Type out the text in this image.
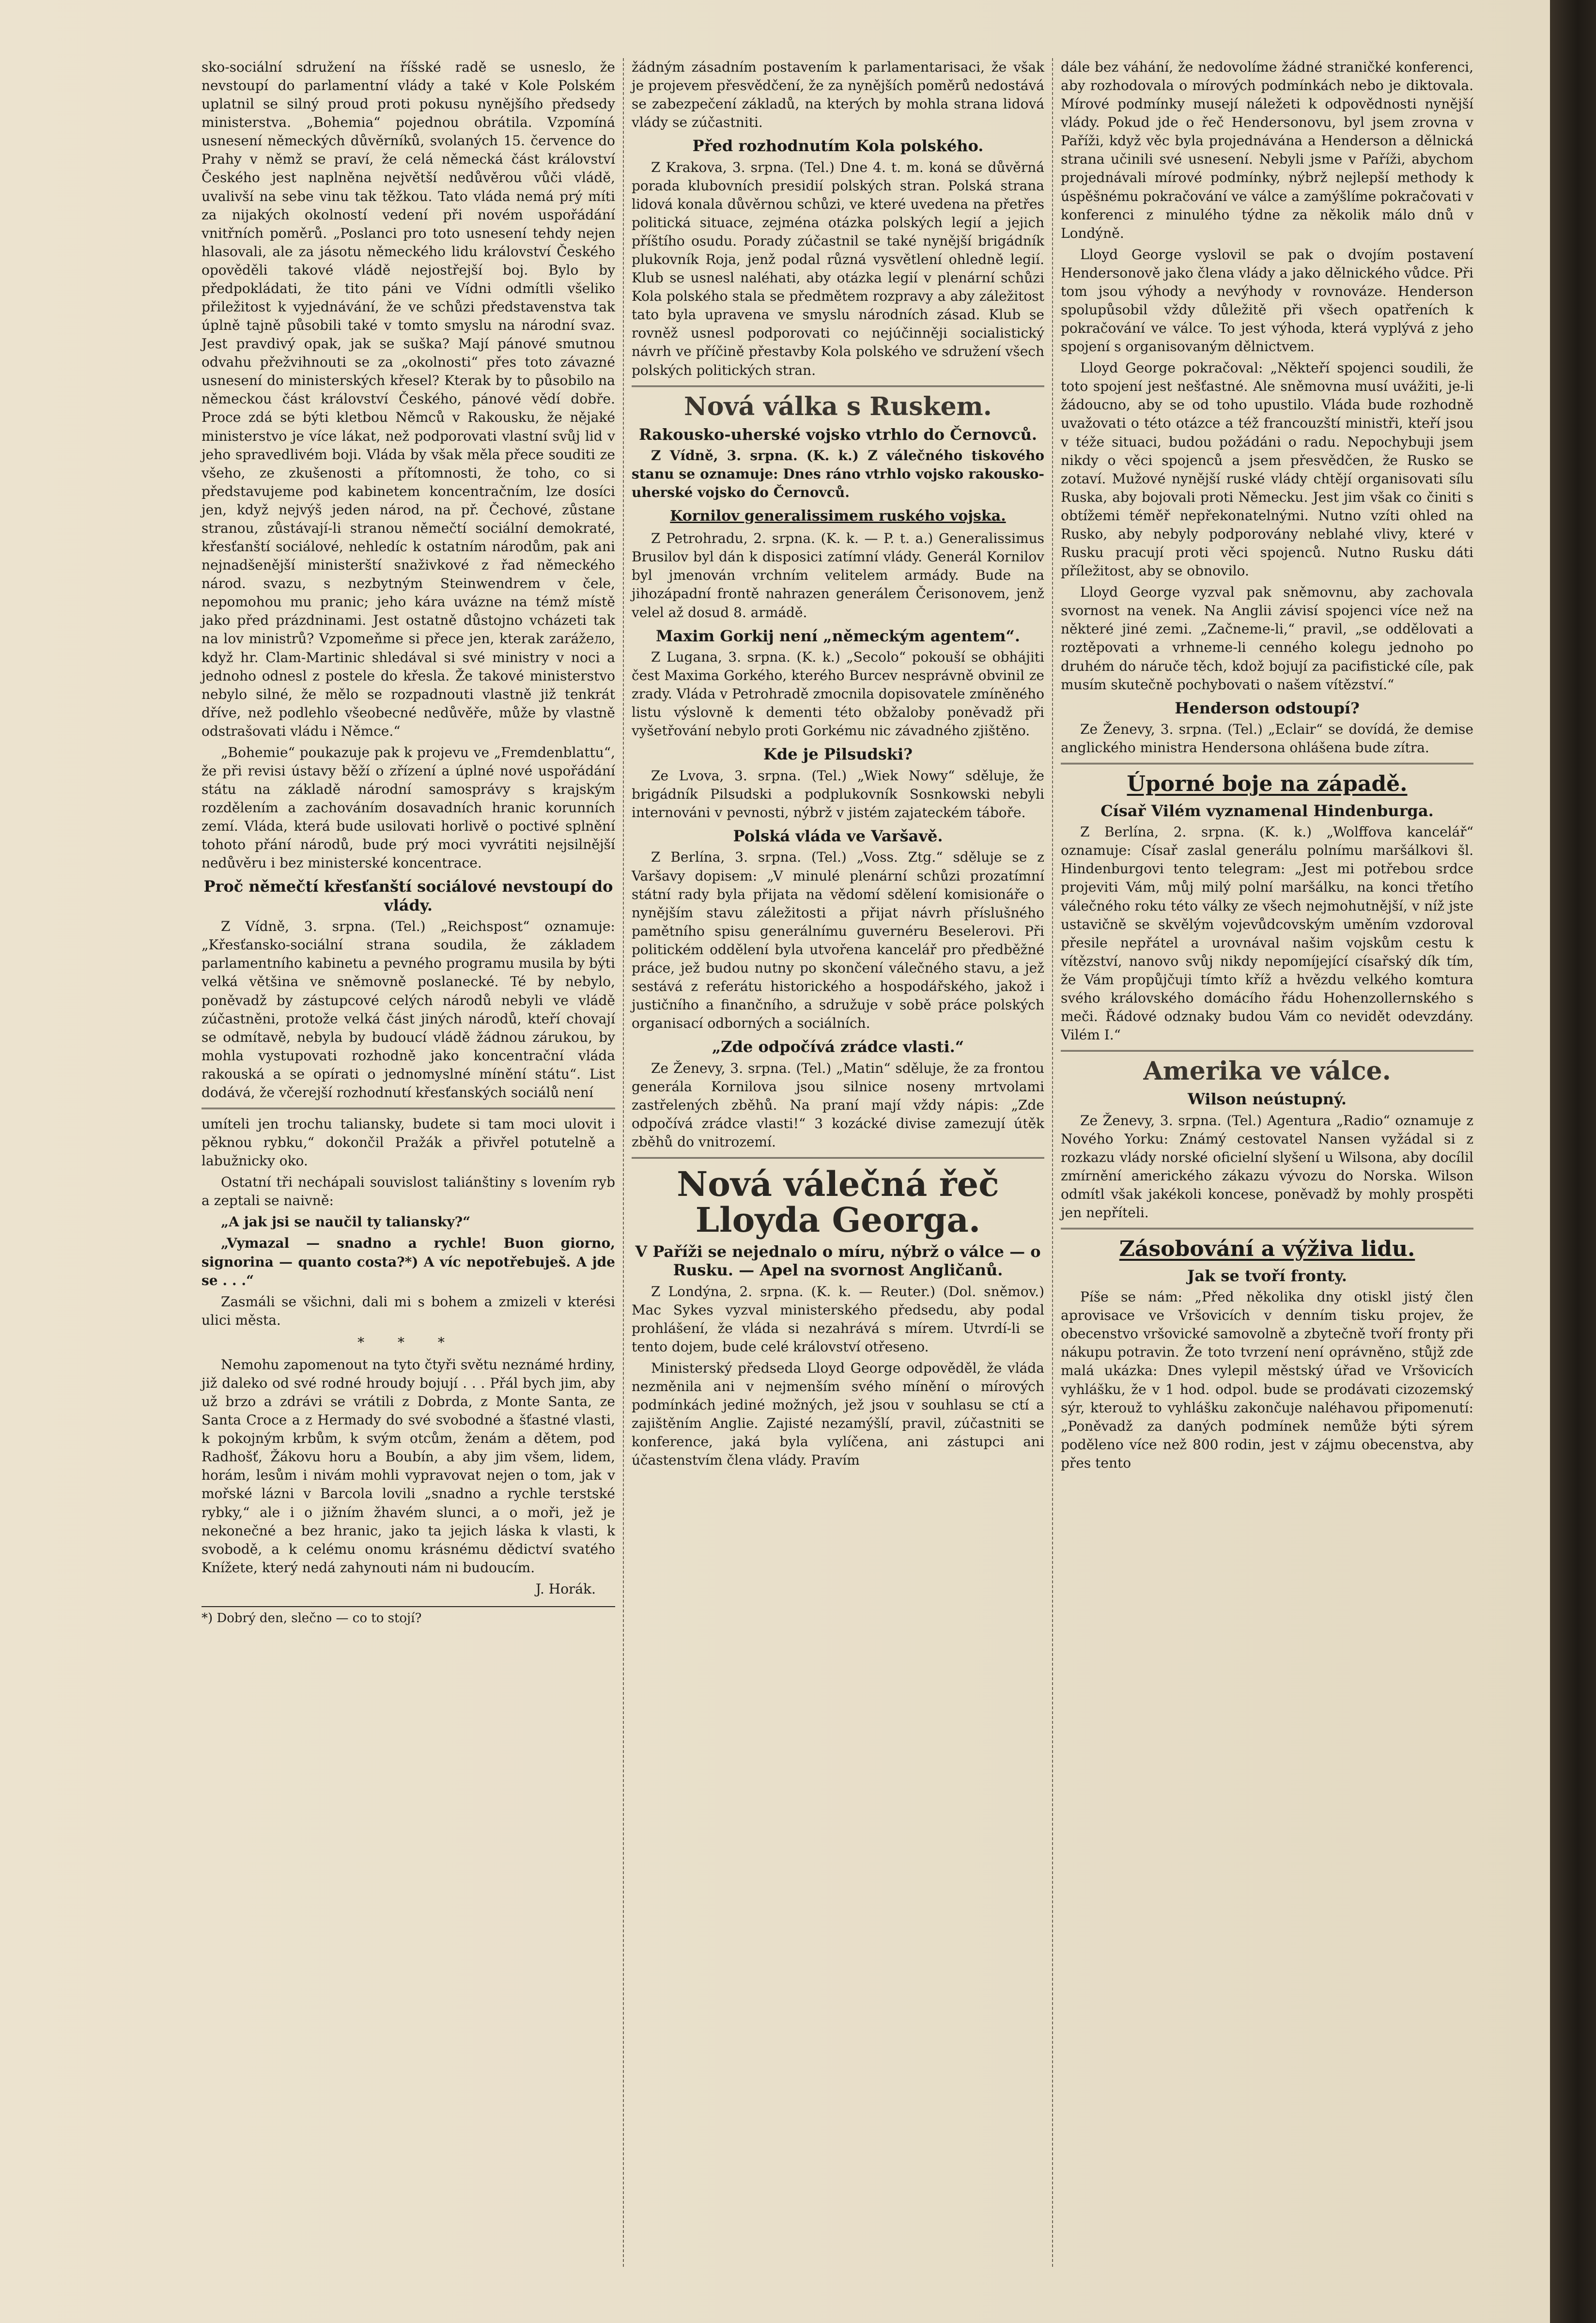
sko-sociální sdružení na říšské radě se usneslo, že nevstoupí do parlamentní vlády a také v Kole Polském uplatnil se silný proud proti pokusu nynějšího předsedy ministerstva. „Bohemia“ pojednou obrátila. Vzpomíná usnesení německých důvěrníků, svolaných 15. července do Prahy v němž se praví, že celá německá část království Českého jest naplněna největší nedůvěrou vůči vládě, uvalivší na sebe vinu tak těžkou. Tato vláda nemá prý míti za nijakých okolností vedení při novém uspořádání vnitřních poměrů. „Poslanci pro toto usnesení tehdy nejen hlasovali, ale za jásotu německého lidu království Českého opověděli takové vládě nejostřejší boj. Bylo by předpokládati, že tito páni ve Vídni odmítli všeliko přiležitost k vyjednávání, že ve schůzi představenstva tak úplně tajně působili také v tomto smyslu na národní svaz. Jest pravdivý opak, jak se suška? Mají pánové smutnou odvahu přežvihnouti se za „okolnosti“ přes toto závazné usnesení do ministerských křesel? Kterak by to působilo na německou část království Českého, pánové vědí dobře. Proce zdá se býti kletbou Němců v Rakousku, že nějaké ministerstvo je více lákat, než podporovati vlastní svůj lid v jeho spravedlivém boji. Vláda by však měla přece souditi ze všeho, ze zkušenosti a přítomnosti, že toho, co si představujeme pod kabinetem koncentračním, lze dosíci jen, když nejvýš jeden národ, na př. Čechové, zůstane stranou, zůstávají-li stranou němečtí sociální demokraté, křesťanští sociálové, nehledíc k ostatním národům, pak ani nejnadšenější ministerští snaživkové z řad německého národ. svazu, s nezbytným Steinwendrem v čele, nepomohou mu pranic; jeho kára uvázne na témž místě jako před prázdninami. Jest ostatně důstojno vcházeti tak na lov ministrů? Vzpomeňme si přece jen, kterak zarážело, když hr. Clam-Martinic shledával si své ministry v noci a jednoho odnesl z postele do křesla. Že takové ministerstvo nebylo silné, že mělo se rozpadnouti vlastně již tenkrát dříve, než podlehlo všeobecné nedůvěře, může by vlastně odstrašovati vládu i Němce.“

„Bohemie“ poukazuje pak k projevu ve „Fremdenblattu“, že při revisi ústavy běží o zřízení a úplné nové uspořádání státu na základě národní samosprávy s krajským rozdělením a zachováním dosavadních hranic korunních zemí. Vláda, která bude usilovati horlivě o poctivé splnění tohoto přání národů, bude prý moci vyvrátiti nejsilnější nedůvěru i bez ministerské koncentrace.

Proč němečtí křesťanští sociálové nevstoupí do vlády.

Z Vídně, 3. srpna. (Tel.) „Reichspost“ oznamuje: „Křesťansko-sociální strana soudila, že základem parlamentního kabinetu a pevného programu musila by býti velká většina ve sněmovně poslanecké. Té by nebylo, poněvadž by zástupcové celých národů nebyli ve vládě zúčastněni, protože velká část jiných národů, kteří chovají se odmítavě, nebyla by budoucí vládě žádnou zárukou, by mohla vystupovati rozhodně jako koncentrační vláda rakouská a se opírati o jednomyslné mínění státu“. List dodává, že včerejší rozhodnutí křesťanských sociálů není

umíteli jen trochu taliansky, budete si tam moci ulovit i pěknou rybku,“ dokončil Pražák a přivřel potutelně a labužnicky oko.

Ostatní tři nechápali souvislost taliánštiny s lovením ryb a zeptali se naivně:

„A jak jsi se naučil ty taliansky?“

„Vymazal — snadno a rychle! Buon giorno, signorina — quanto costa?*) A víc nepotřebuješ. A jde se . . .“

Zasmáli se všichni, dali mi s bohem a zmizeli v kterési ulici města.

* * *

Nemohu zapomenout na tyto čtyři světu neznámé hrdiny, již daleko od své rodné hroudy bojují . . . Přál bych jim, aby už brzo a zdrávi se vrátili z Dobrda, z Monte Santa, ze Santa Croce a z Hermady do své svobodné a šťastné vlasti, k pokojným krbům, k svým otcům, ženám a dětem, pod Radhošť, Žákovu horu a Boubín, a aby jim všem, lidem, horám, lesům i nivám mohli vypravovat nejen o tom, jak v mořské lázni v Barcola lovili „snadno a rychle terstské rybky,“ ale i o jižním žhavém slunci, a o moři, jež je nekonečné a bez hranic, jako ta jejich láska k vlasti, k svobodě, a k celému onomu krásnému dědictví svatého Knížete, který nedá zahynouti nám ni budoucím.

J. Horák.
*) Dobrý den, slečno — co to stojí?

žádným zásadním postavením k parlamentarisaci, že však je projevem přesvědčení, že za nynějších poměrů nedostává se zabezpečení základů, na kterých by mohla strana lidová vlády se zúčastniti.

Před rozhodnutím Kola polského.

Z Krakova, 3. srpna. (Tel.) Dne 4. t. m. koná se důvěrná porada klubovních presidií polských stran. Polská strana lidová konala důvěrnou schůzi, ve které uvedena na přetřes politická situace, zejména otázka polských legií a jejich příštího osudu. Porady zúčastnil se také nynější brigádník plukovník Roja, jenž podal různá vysvětlení ohledně legií. Klub se usnesl naléhati, aby otázka legií v plenární schůzi Kola polského stala se předmětem rozpravy a aby záležitost tato byla upravena ve smyslu národních zásad. Klub se rovněž usnesl podporovati co nejúčinněji socialistický návrh ve příčině přestavby Kola polského ve sdružení všech polských politických stran.

Nová válka s Ruskem.
Rakousko-uherské vojsko vtrhlo do Černovců.

Z Vídně, 3. srpna. (K. k.) Z válečného tiskového stanu se oznamuje: Dnes ráno vtrhlo vojsko rakousko-uherské vojsko do Černovců.

Kornilov generalissimem ruského vojska.

Z Petrohradu, 2. srpna. (K. k. — P. t. a.) Generalissimus Brusilov byl dán k disposici zatímní vlády. Generál Kornilov byl jmenován vrchním velitelem armády. Bude na jihozápadní frontě nahrazen generálem Čerisonovem, jenž velel až dosud 8. armádě.

Maxim Gorkij není „německým agentem“.

Z Lugana, 3. srpna. (K. k.) „Secolo“ pokouší se obhájiti čest Maxima Gorkého, kterého Burcev nesprávně obvinil ze zrady. Vláda v Petrohradě zmocnila dopisovatele zmíněného listu výslovně k dementi této obžaloby poněvadž při vyšetřování nebylo proti Gorkému nic závadného zjištěno.

Kde je Pilsudski?

Ze Lvova, 3. srpna. (Tel.) „Wiek Nowy“ sděluje, že brigádník Pilsudski a podplukovník Sosnkowski nebyli internováni v pevnosti, nýbrž v jistém zajateckém táboře.

Polská vláda ve Varšavě.

Z Berlína, 3. srpna. (Tel.) „Voss. Ztg.“ sděluje se z Varšavy dopisem: „V minulé plenární schůzi prozatímní státní rady byla přijata na vědomí sdělení komisionáře o nynějším stavu záležitosti a přijat návrh příslušného pamětního spisu generálnímu guvernéru Beselerovi. Při politickém oddělení byla utvořena kancelář pro předběžné práce, jež budou nutny po skončení válečného stavu, a jež sestává z referátu historického a hospodářského, jakož i justičního a finančního, a sdružuje v sobě práce polských organisací odborných a sociálních.

„Zde odpočívá zrádce vlasti.“

Ze Ženevy, 3. srpna. (Tel.) „Matin“ sděluje, že za frontou generála Kornilova jsou silnice noseny mrtvolami zastřelených zběhů. Na praní mají vždy nápis: „Zde odpočívá zrádce vlasti!“ 3 kozácké divise zamezují útěk zběhů do vnitrozemí.

Nová válečná řeč Lloyda Georga.
V Paříži se nejednalo o míru, nýbrž o válce — o Rusku. — Apel na svornost Angličanů.

Z Londýna, 2. srpna. (K. k. — Reuter.) (Dol. sněmov.) Mac Sykes vyzval ministerského předsedu, aby podal prohlášení, že vláda si nezahrává s mírem. Utvrdí-li se tento dojem, bude celé království otřeseno.

Ministerský předseda Lloyd George odpověděl, že vláda nezměnila ani v nejmenším svého mínění o mírových podmínkách jediné možných, jež jsou v souhlasu se ctí a zajištěním Anglie. Zajisté nezamýšlí, pravil, zúčastniti se konference, jaká byla vylíčena, ani zástupci ani účastenstvím člena vlády. Pravím

dále bez váhání, že nedovolíme žádné straničké konferenci, aby rozhodovala o mírových podmínkách nebo je diktovala. Mírové podmínky musejí náležeti k odpovědnosti nynější vlády. Pokud jde o řeč Hendersonovu, byl jsem zrovna v Paříži, když věc byla projednávána a Henderson a dělnická strana učinili své usnesení. Nebyli jsme v Paříži, abychom projednávali mírové podmínky, nýbrž nejlepší methody k úspěšnému pokračování ve válce a zamýšlíme pokračovati v konferenci z minulého týdne za několik málo dnů v Londýně.

Lloyd George vyslovil se pak o dvojím postavení Hendersonově jako člena vlády a jako dělnického vůdce. Při tom jsou výhody a nevýhody v rovnováze. Henderson spolupůsobil vždy důležitě při všech opatřeních k pokračování ve válce. To jest výhoda, která vyplývá z jeho spojení s organisovaným dělnictvem.

Lloyd George pokračoval: „Někteří spojenci soudili, že toto spojení jest nešťastné. Ale sněmovna musí uvážiti, je-li žádoucno, aby se od toho upustilo. Vláda bude rozhodně uvažovati o této otázce a též francouzští ministři, kteří jsou v téže situaci, budou požádáni o radu. Nepochybuji jsem nikdy o věci spojenců a jsem přesvědčen, že Rusko se zotaví. Mužové nynější ruské vlády chtějí organisovati sílu Ruska, aby bojovali proti Německu. Jest jim však co činiti s obtížemi téměř nepřekonatelnými. Nutno vzíti ohled na Rusko, aby nebyly podporovány neblahé vlivy, které v Rusku pracují proti věci spojenců. Nutno Rusku dáti příležitost, aby se obnovilo.

Lloyd George vyzval pak sněmovnu, aby zachovala svornost na venek. Na Anglii závisí spojenci více než na některé jiné zemi. „Začneme-li,“ pravil, „se oddělovati a roztěpovati a vrhneme-li cenného kolegu jednoho po druhém do náruče těch, kdož bojují za pacifistické cíle, pak musím skutečně pochybovati o našem vítězství.“

Henderson odstoupí?

Ze Ženevy, 3. srpna. (Tel.) „Eclair“ se dovídá, že demise anglického ministra Hendersona ohlášena bude zítra.

Úporné boje na západě.
Císař Vilém vyznamenal Hindenburga.

Z Berlína, 2. srpna. (K. k.) „Wolffova kancelář“ oznamuje: Císař zaslal generálu polnímu maršálkovi šl. Hindenburgovi tento telegram: „Jest mi potřebou srdce projeviti Vám, můj milý polní maršálku, na konci třetího válečného roku této války ze všech nejmohutnější, v níž jste ustavičně se skvělým vojevůdcovským uměním vzdoroval přesile nepřátel a urovnával našim vojskům cestu k vítězství, nanovo svůj nikdy nepomíjející císařský dík tím, že Vám propůjčuji tímto kříž a hvězdu velkého komtura svého královského domácího řádu Hohenzollernského s meči. Řádové odznaky budou Vám co nevidět odevzdány. Vilém I.“

Amerika ve válce.
Wilson neústupný.

Ze Ženevy, 3. srpna. (Tel.) Agentura „Radio“ oznamuje z Nového Yorku: Známý cestovatel Nansen vyžádal si z rozkazu vlády norské oficielní slyšení u Wilsona, aby docílil zmírnění amerického zákazu vývozu do Norska. Wilson odmítl však jakékoli koncese, poněvadž by mohly prospěti jen nepříteli.

Zásobování a výživa lidu.
Jak se tvoří fronty.

Píše se nám: „Před několika dny otiskl jistý člen aprovisace ve Vršovicích v denním tisku projev, že obecenstvo vršovické samovolně a zbytečně tvoří fronty při nákupu potravin. Že toto tvrzení není oprávněno, stůjž zde malá ukázka: Dnes vylepil městský úřad ve Vršovicích vyhlášku, že v 1 hod. odpol. bude se prodávati cizozemský sýr, kterouž to vyhlášku zakončuje naléhavou připomenutí: „Poněvadž za daných podmínek nemůže býti sýrem poděleno více než 800 rodin, jest v zájmu obecenstva, aby přes tento
